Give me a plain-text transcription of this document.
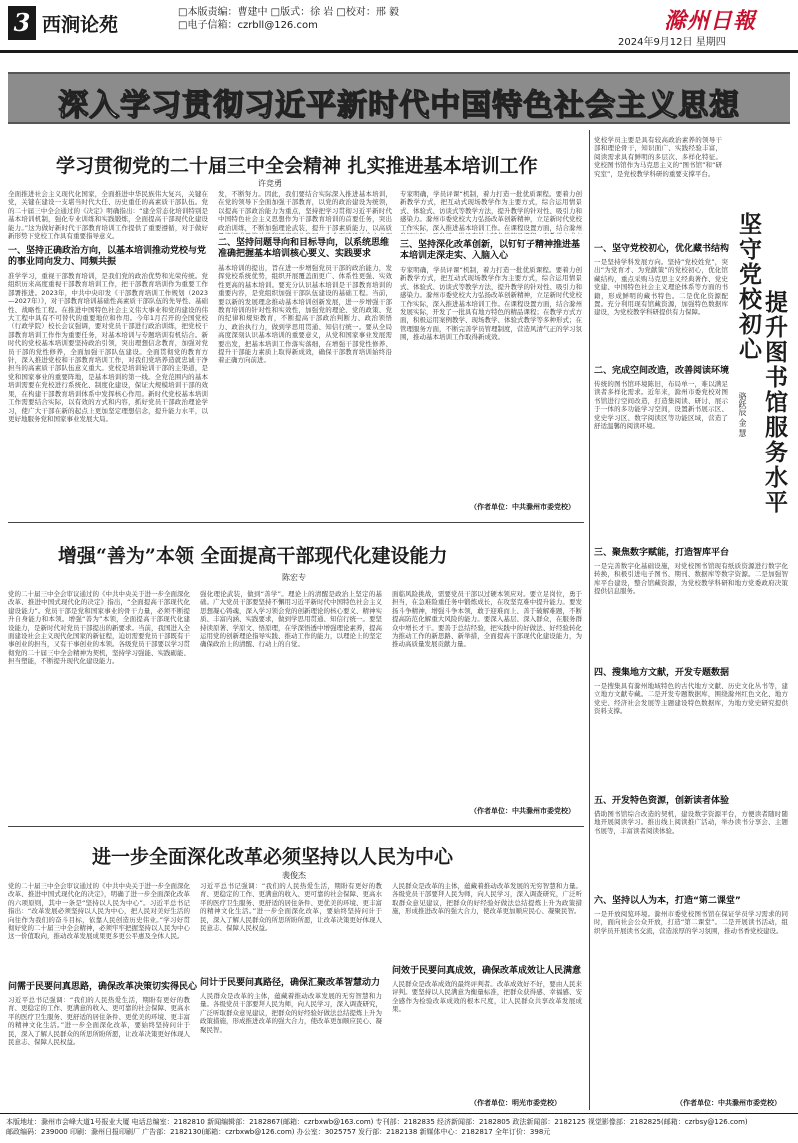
3 西涧论苑
□本版责编：曹建中 □版式：徐 岩 □校对：邢 毅
□电子信箱：czrbll@126.com	滁州日報
2024年9月12日 星期四
深入学习贯彻习近平新时代中国特色社会主义思想
学习贯彻党的二十届三中全会精神 扎实推进基本培训工作
许竞勇
全面推进社会主义现代化国家，全面推进中华民族伟大复兴，关键在党，关键在建设一支堪当时代大任、历史重任的高素质干部队伍。党的二十届三中全会通过的《决定》明确指出：“建全常态化培训特别是基本培训机制，强化专业训练和实践锻炼，全面提高干部现代化建设能力。”这为做好新时代干部教育培训工作提供了重要遵循，对于做好新形势下党校工作具有重要指导意义。
一、坚持正确政治方向，以基本培训推动党校与党的事业同向发力、同频共振
准学学习，重视干部教育培训，是我们党的政治优势和光荣传统。党组织历来高度重视干部教育培训工作，把干部教育培训作为重要工作部署推进。2023年，中共中央印发《干部教育培训工作规划（2023—2027年）》，对干部教育培训基础性高素质干部队伍的先导性、基础性、战略性工程。在推进中国特色社会主义伟大事业和党的建设的伟大工程中具有不可替代的重要地位和作用。今年1月召开的全国党校（行政学院）校长会议强调，要对党员干部进行政治训练，把党校干部教育培训工作作为重要任务，对基本培训与专题培训有机结合。新时代的党校基本培训要坚持政治引领，突出理想信念教育，加强对党员干部的党性修养，全面加强干部队伍建设。全面贯彻党的教育方针，深入推进党校和干部教育培训工作，对我们党培养造就忠诚干净担当的高素质干部队伍意义重大。党校是培训轮训干部的主渠道，是党和国家事业的重要阵地，是基本培训的第一线。全党范围内的基本培训需要在党校进行系统化、制度化建设，保证大规模培训干部的效果，在构建干部教育培训体系中发挥核心作用。新时代党校基本培训工作需要结合实际，以有效的方式和内容，抓好党员干部政治理论学习，使广大干部在新的起点上更加坚定理想信念，提升能力水平，以更好地服务党和国家事业发展大局。
发，不断努力。因此，我们要结合实际深入推进基本培训，在党的领导下全面加强干部教育，以党的政治建设为统领，以提高干部政治能力为重点，坚持把学习贯彻习近平新时代中国特色社会主义思想作为干部教育培训的首要任务，突出政治训练，不断加强理论武装，提升干部素质能力，以高质
二、坚持问题导向和目标导向，以系统思维准确把握基本培训核心要义、实践要求
基本培训的提出，旨在进一步增强党员干部的政治能力，发挥党校系统优势，组织开展覆盖面更广、体系性更强、实效性更高的基本培训。要充分认识基本培训是干部教育培训的重要内容，是党组织加强干部队伍建设的基础工程。当前，要以新的发展理念推动基本培训创新发展，进一步增强干部教育培训的针对性和实效性，加强党的理论、党的政策、党的纪律和规矩教育，不断提高干部政治判断力、政治领悟力、政治执行力，做到学思用贯通、知信行统一。要从全局高度深刻认识基本培训的重要意义，从党和国家事业发展需要出发，把基本培训工作落实落细，在增强干部党性修养、提升干部能力素质上取得新成效，确保干部教育培训始终沿着正确方向前进。
专家明确，学员评课“机制，着力打造一批优质课程。要着力创新教学方式，把互动式现场教学作为主要方式，综合运用情景式、体验式、访谈式等教学方法，提升教学的针对性、吸引力和感染力。滁州市委党校大力弘扬改革创新精神，立足新时代党校工作实际，深入推进基本培训工作。在课程设置方面，结合滁州
三、坚持深化改革创新，以钉钉子精神推进基本培训走深走实、入脑入心
专家明确，学员评课“机制，着力打造一批优质课程。要着力创新教学方式，把互动式现场教学作为主要方式，综合运用情景式、体验式、访谈式等教学方法，提升教学的针对性、吸引力和感染力。滁州市委党校大力弘扬改革创新精神，立足新时代党校工作实际，深入推进基本培训工作。在课程设置方面，结合滁州发展实际，开发了一批具有地方特色的精品课程；在教学方式方面，积极运用案例教学、现场教学、体验式教学等多种形式；在管理服务方面，不断完善学员管理制度，营造风清气正的学习氛围，推动基本培训工作取得新成效。
（作者单位：中共滁州市委党校）
增强“善为”本领 全面提高干部现代化建设能力
陈宏专
党的二十届三中全会审议通过的《中共中央关于进一步全面深化改革、推进中国式现代化的决定》指出，“全面提高干部现代化建设能力”。党员干部是党和国家事业的骨干力量，必须不断提升自身能力和本领。增强“善为”本领，全面提高干部现代化建设能力，是新时代对党员干部提出的新要求。当前，我国进入全面建设社会主义现代化国家的新征程，迫切需要党员干部既有干事创业的担当，又有干事创业的本领。各级党员干部要以学习贯彻党的二十届三中全会精神为契机，坚持学习强能、实践砺能、担当塑能，不断提升现代化建设能力。
强化理论武装，做到“善学”。理论上的清醒是政治上坚定的基础。广大党员干部要坚持不懈用习近平新时代中国特色社会主义思想凝心铸魂，深入学习领会党的创新理论的核心要义、精神实质、丰富内涵、实践要求，做到学思用贯通、知信行统一。要坚持读原著、学原文、悟原理，在学深悟透中增强理论素养，提高运用党的创新理论指导实践、推动工作的能力，以理论上的坚定确保政治上的清醒、行动上的自觉。
面临风险挑战，需要党员干部以过硬本领应对。要立足岗位，勇于担当，在急难险重任务中锻炼成长，在攻坚克难中提升能力。要发扬斗争精神，增强斗争本领，敢于迎难而上、善于破解难题，不断提高防范化解重大风险的能力。要深入基层、深入群众，在服务群众中增长才干。要善于总结经验，把实践中的好做法、好经验转化为推动工作的新思路、新举措，全面提高干部现代化建设能力，为推动高质量发展贡献力量。
（作者单位：中共滁州市委党校）
进一步全面深化改革必须坚持以人民为中心
裴俊杰
党的二十届三中全会审议通过的《中共中央关于进一步全面深化改革、推进中国式现代化的决定》，明确了进一步全面深化改革的六项原则，其中一条是“坚持以人民为中心”。习近平总书记指出：“改革发展必须坚持以人民为中心，把人民对美好生活的向往作为我们的奋斗目标，依靠人民创造历史伟业。”学习好贯彻好党的二十届三中全会精神，必须牢牢把握坚持以人民为中心这一价值取向，推动改革发展成果更多更公平惠及全体人民。
问需于民要问真思路，确保改革决策切实得民心
习近平总书记强调：“我们的人民热爱生活，期盼有更好的教育、更稳定的工作、更满意的收入、更可靠的社会保障、更高水平的医疗卫生服务、更舒适的居住条件、更优美的环境、更丰富的精神文化生活。”进一步全面深化改革，要始终坚持问计于民，深入了解人民群众的所思所盼所愿，让改革决策更好体现人民意志、保障人民权益。
习近平总书记强调：“我们的人民热爱生活，期盼有更好的教育、更稳定的工作、更满意的收入、更可靠的社会保障、更高水平的医疗卫生服务、更舒适的居住条件、更优美的环境、更丰富的精神文化生活。”进一步全面深化改革，要始终坚持问计于民，深入了解人民群众的所思所盼所愿，让改革决策更好体现人民意志、保障人民权益。
问计于民要问真路径，确保汇聚改革智慧动力
人民群众是改革的主体，蕴藏着推动改革发展的无穷智慧和力量。各级党员干部要拜人民为师，向人民学习，深入调查研究，广泛听取群众意见建议，把群众的好经验好做法总结提炼上升为政策措施，形成推进改革的强大合力，使改革更加顺应民心、凝聚民智。
人民群众是改革的主体，蕴藏着推动改革发展的无穷智慧和力量。各级党员干部要拜人民为师，向人民学习，深入调查研究，广泛听取群众意见建议，把群众的好经验好做法总结提炼上升为政策措施，形成推进改革的强大合力，使改革更加顺应民心、凝聚民智。
问效于民要问真成效，确保改革成效让人民满意
人民群众是改革成效的最终评判者。改革成效好不好，要由人民来评判。要坚持以人民满意为衡量标准，把群众获得感、幸福感、安全感作为检验改革成效的根本尺度，让人民群众共享改革发展成果。
（作者单位：明光市委党校）
党校学员主要是具有较高政治素养的领导干部和理论骨干，知识面广、实践经验丰富，阅读需求具有鲜明的多层次、多样化特征。党校图书馆作为马克思主义的“图书馆”和“研究室”，是党校教学科研的重要支撑平台。
坚守党校初心
提升图书馆服务水平
骆跃辰 金 慧
一、坚守党校初心，优化藏书结构
一是坚持学科发展方向。坚持“党校姓党”，突出“为党育才、为党献策”的党校初心，优化馆藏结构，重点采购马克思主义经典著作、党史党建、中国特色社会主义理论体系等方面的书籍，形成鲜明的藏书特色。二是优化资源配置。充分利用现有馆藏资源，加强特色数据库建设，为党校教学科研提供有力保障。
二、完成空间改造，改善阅读环境
传统的图书馆环境陈旧，布局单一，难以满足读者多样化需求。近年来，滁州市委党校对图书馆进行空间改造，打造集阅读、研讨、展示于一体的多功能学习空间，设置新书展示区、党史学习区、数字阅读区等功能区域，营造了舒适温馨的阅读环境。
三、聚焦数字赋能，打造智库平台
一是完善数字化基础设施，对党校图书馆现有纸质资源进行数字化转换，积极引进电子图书、期刊、数据库等数字资源。二是加强智库平台建设，整合馆藏资源，为党校教学科研和地方党委政府决策提供信息服务。
四、搜集地方文献，开发专题数据
一是搜集具有滁州地域特色的古代地方文献、历史文化丛书等，建立地方文献专藏。二是开发专题数据库，围绕滁州红色文化、地方党史、经济社会发展等主题建设特色数据库，为地方党史研究提供资料支撑。
五、开发特色资源，创新读者体验
借助图书馆综合改造的契机，建设数字资源平台，方便读者随时随地开展阅读学习。推出线上阅读推广活动，举办读书分享会、主题书展等，丰富读者阅读体验。
六、坚持以人为本，打造“第二课堂”
一是开放阅览环境。滁州市委党校图书馆在保证学员学习需求的同时，面向社会公众开放，打造“第二课堂”。二是开展读书活动，组织学员开展读书交流，营造浓厚的学习氛围，推动书香党校建设。
（作者单位：中共滁州市委党校）
本版地址：滁州市会峰大道1号报业大厦 电话总编室：2182810 新闻编辑部：2182867(邮箱：czrbxwb@163.com) 专刊部：2182835 经济新闻部：2182805 政法新闻部：2182125 视觉影像部：2182825(邮箱：czrbsy@126.com)
邮政编码：239000 印刷：滁州日报印刷厂 广告部：2182130(邮箱：czrbxwb@126.com) 办公室：3025757 发行部：2182138 新媒体中心：2182817 全年订价：398元
